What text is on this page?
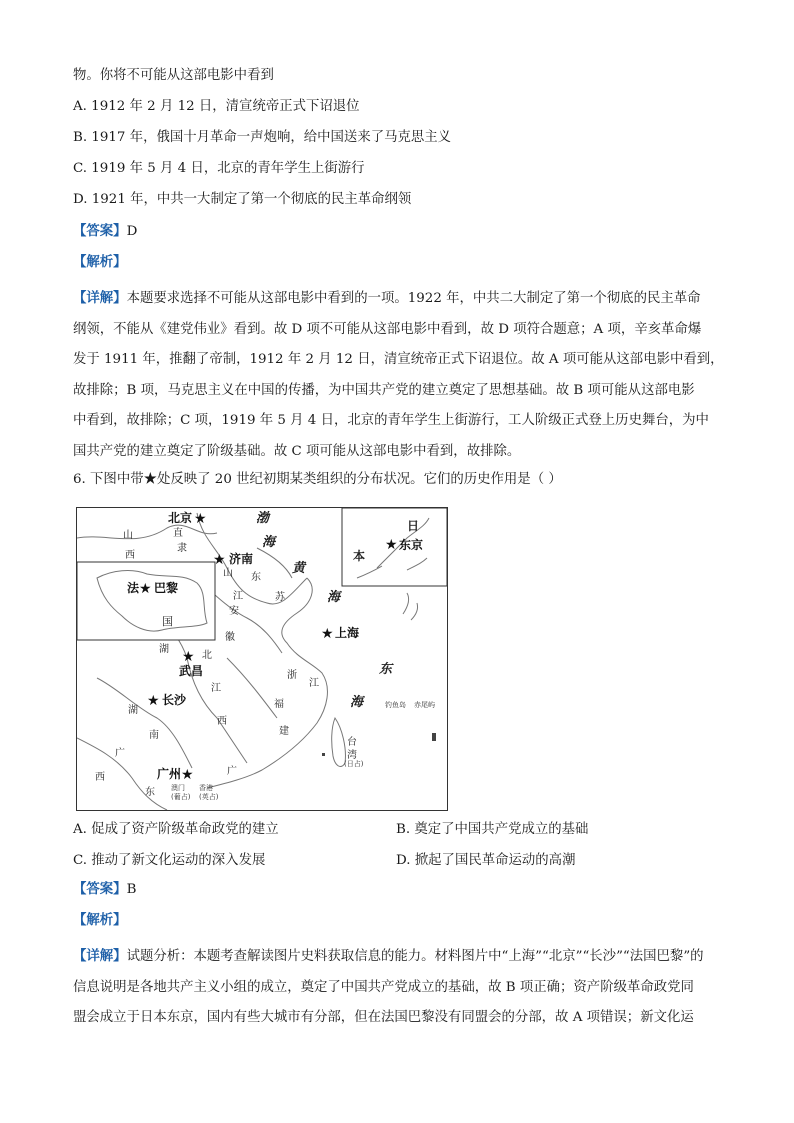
物。你将不可能从这部电影中看到
A. 1912 年 2 月 12 日，清宣统帝正式下诏退位
B. 1917 年，俄国十月革命一声炮响，给中国送来了马克思主义
C. 1919 年 5 月 4 日，北京的青年学生上街游行
D. 1921 年，中共一大制定了第一个彻底的民主革命纲领
【答案】D
【解析】
【详解】本题要求选择不可能从这部电影中看到的一项。1922 年，中共二大制定了第一个彻底的民主革命
纲领，不能从《建党伟业》看到。故 D 项不可能从这部电影中看到，故 D 项符合题意；A 项，辛亥革命爆
发于 1911 年，推翻了帝制，1912 年 2 月 12 日，清宣统帝正式下诏退位。故 A 项可能从这部电影中看到，
故排除；B 项，马克思主义在中国的传播，为中国共产党的建立奠定了思想基础。故 B 项可能从这部电影
中看到，故排除；C 项，1919 年 5 月 4 日，北京的青年学生上街游行，工人阶级正式登上历史舞台，为中
国共产党的建立奠定了阶级基础。故 C 项可能从这部电影中看到，故排除。
6. 下图中带★处反映了 20 世纪初期某类组织的分布状况。它们的历史作用是（ ）
北京 ★
★ 济南
法 ★ 巴黎
★ 东京
★ 上海
★
武昌
★ 长沙
广州 ★
直
隶
山
西
山 东
江	苏
安
徽
湖
北
国
浙
江
江
西
福
建
湖
南
广
西
广
东
台
湾
日
本
渤
海
黄
海
东
海	钓鱼岛 赤尾屿
(日占)
澳门
(葡占)
香港
(英占)
A. 促成了资产阶级革命政党的建立	B. 奠定了中国共产党成立的基础
C. 推动了新文化运动的深入发展	D. 掀起了国民革命运动的高潮
【答案】B
【解析】
【详解】试题分析：本题考查解读图片史料获取信息的能力。材料图片中“上海”“北京”“长沙”“法国巴黎”的
信息说明是各地共产主义小组的成立，奠定了中国共产党成立的基础，故 B 项正确；资产阶级革命政党同
盟会成立于日本东京，国内有些大城市有分部，但在法国巴黎没有同盟会的分部，故 A 项错误；新文化运
